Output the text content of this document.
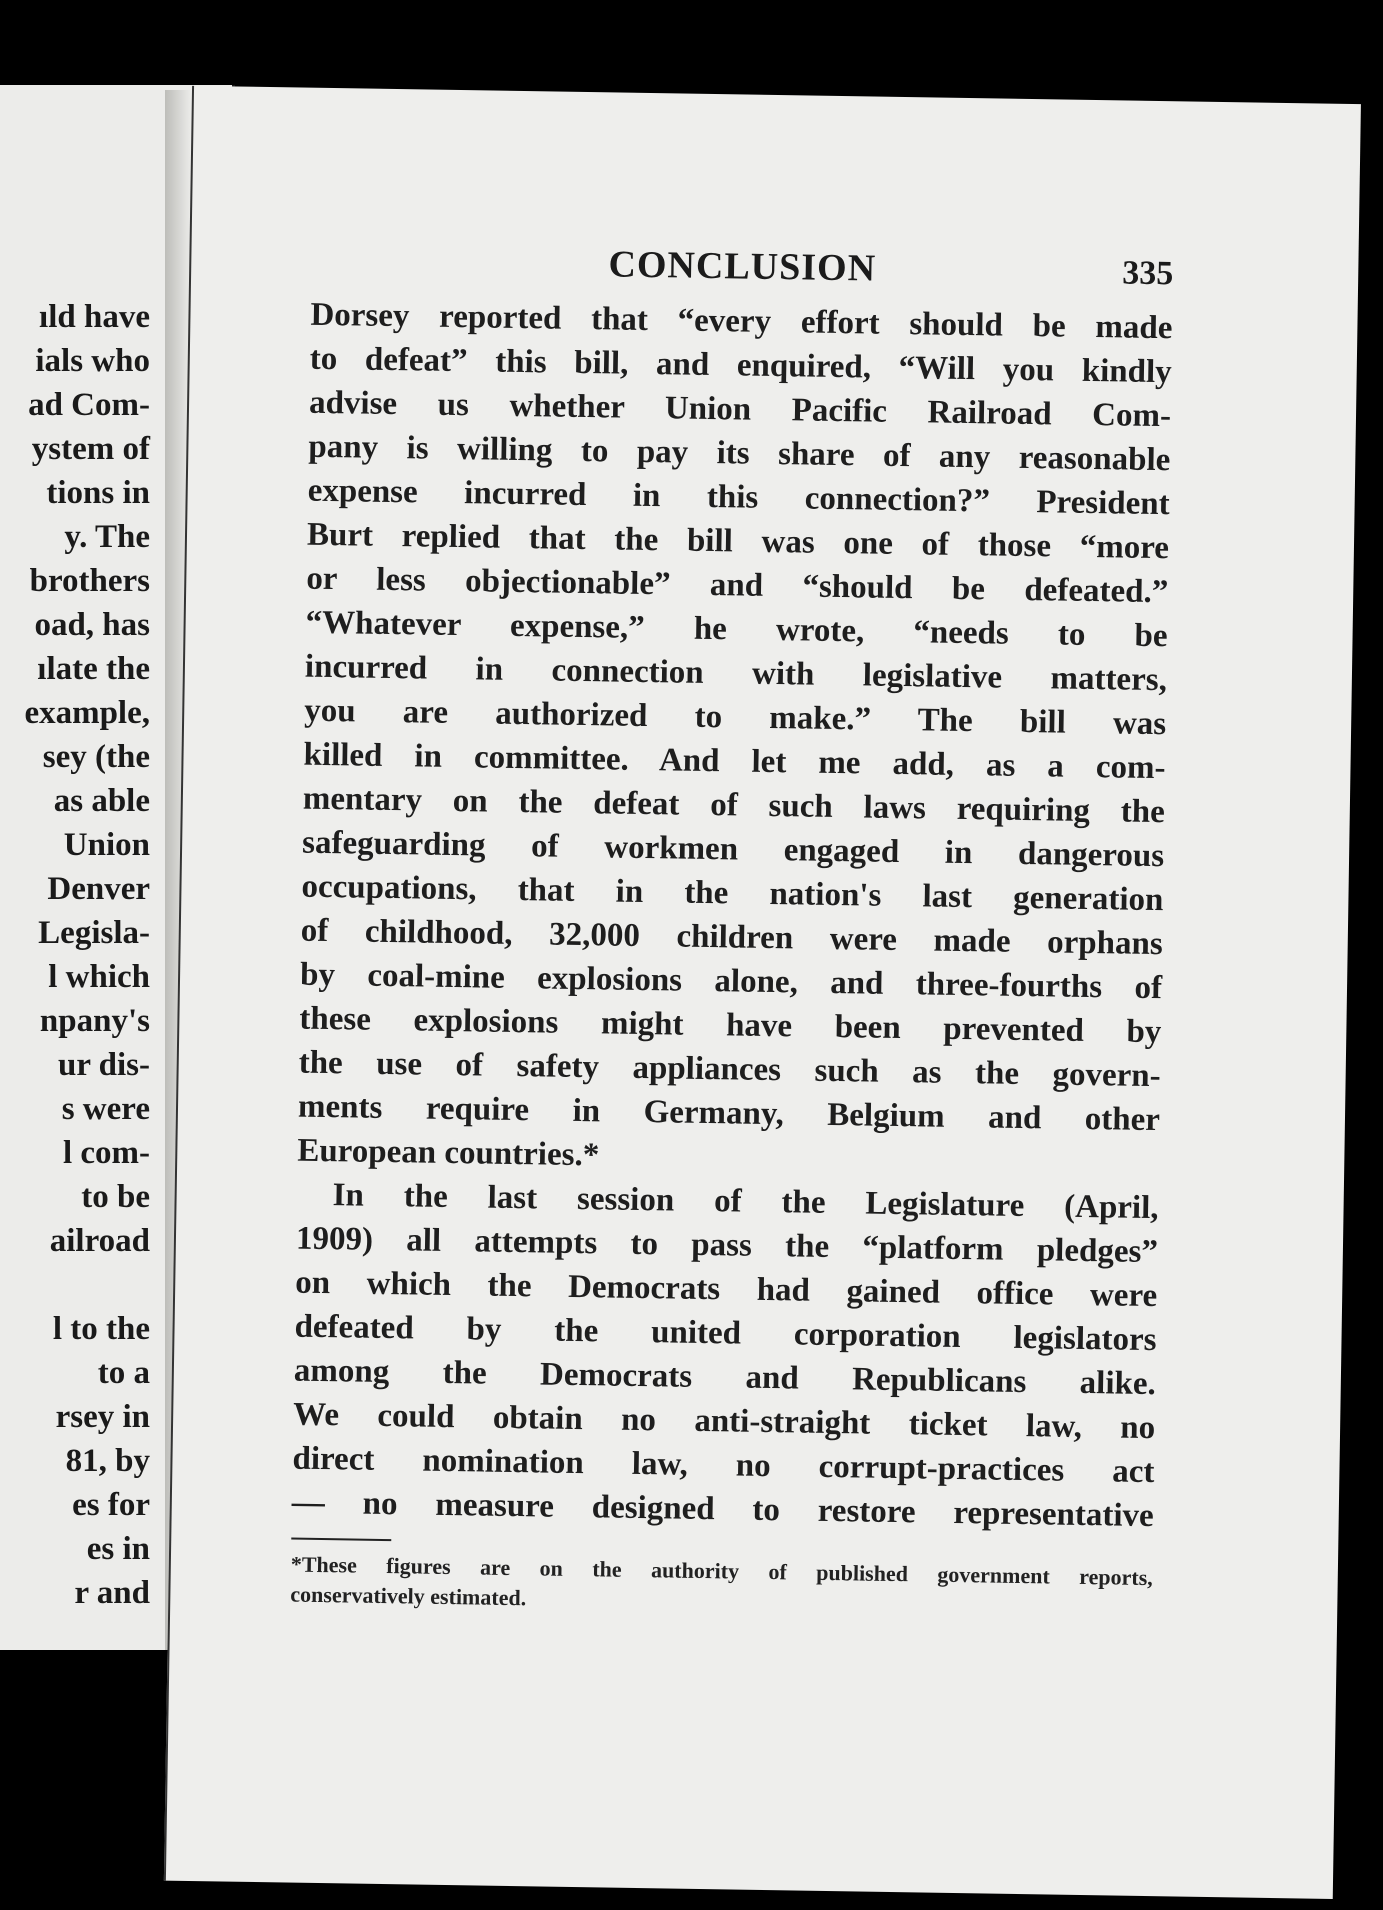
ıld have
ials who
ad Com-
ystem of
tions in
y. The
brothers
oad, has
ılate the
example,
sey (the
as able
Union
Denver
Legisla-
l which
npany's
ur dis-
s were
l com-
to be
ailroad
l to the
to a
rsey in
81, by
es for
es in
r and
CONCLUSION	335
Dorsey reported that “every effort should be made
to defeat” this bill, and enquired, “Will you kindly
advise us whether Union Pacific Railroad Com-
pany is willing to pay its share of any reasonable
expense incurred in this connection?” President
Burt replied that the bill was one of those “more
or less objectionable” and “should be defeated.”
“Whatever expense,” he wrote, “needs to be
incurred in connection with legislative matters,
you are authorized to make.” The bill was
killed in committee. And let me add, as a com-
mentary on the defeat of such laws requiring the
safeguarding of workmen engaged in dangerous
occupations, that in the nation's last generation
of childhood, 32,000 children were made orphans
by coal-mine explosions alone, and three-fourths of
these explosions might have been prevented by
the use of safety appliances such as the govern-
ments require in Germany, Belgium and other
European countries.*
In the last session of the Legislature (April,
1909) all attempts to pass the “platform pledges”
on which the Democrats had gained office were
defeated by the united corporation legislators
among the Democrats and Republicans alike.
We could obtain no anti-straight ticket law, no
direct nomination law, no corrupt-practices act
— no measure designed to restore representative
*These figures are on the authority of published government reports,
conservatively estimated.
